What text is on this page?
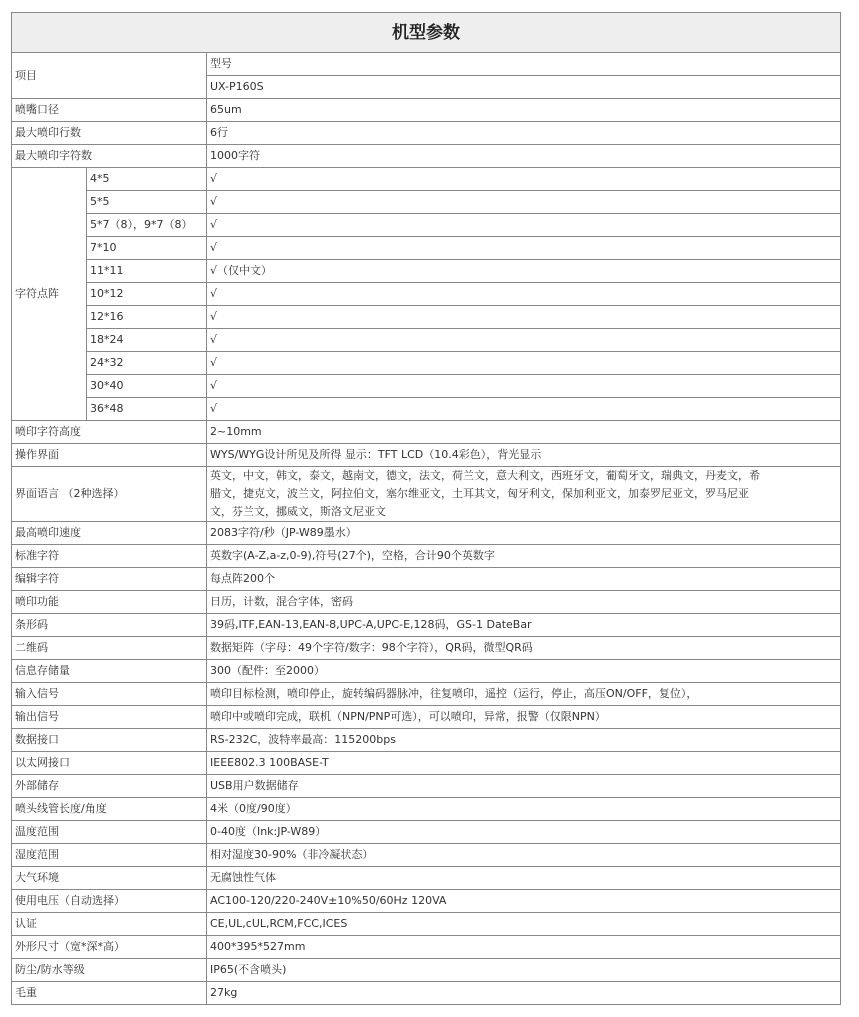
机型参数		
项目		型号
		UX-P160S
喷嘴口径		65um
最大喷印行数		6行
最大喷印字符数		1000字符
字符点阵	4*5	√
	5*5	√
	5*7（8），9*7（8）	√
	7*10	√
	11*11	√（仅中文）
	10*12	√
	12*16	√
	18*24	√
	24*32	√
	30*40	√
	36*48	√
喷印字符高度		2~10mm
操作界面		WYS/WYG设计所见及所得 显示：TFT LCD（10.4彩色），背光显示
界面语言 （2种选择）		英文，中文，韩文，泰文，越南文，德文，法文，荷兰文，意大利文，西班牙文，葡萄牙文，瑞典文，丹麦文，希
腊文，捷克文，波兰文，阿拉伯文，塞尔维亚文，土耳其文，匈牙利文，保加利亚文，加泰罗尼亚文，罗马尼亚
文，芬兰文，挪威文，斯洛文尼亚文
最高喷印速度		2083字符/秒（JP-W89墨水）
标准字符		英数字(A-Z,a-z,0-9),符号(27个)，空格，合计90个英数字
编辑字符		每点阵200个
喷印功能		日历，计数，混合字体，密码
条形码		39码,ITF,EAN-13,EAN-8,UPC-A,UPC-E,128码，GS-1 DateBar
二维码		数据矩阵（字母：49个字符/数字：98个字符），QR码，微型QR码
信息存储量		300（配件：至2000）
输入信号		喷印目标检测，喷印停止，旋转编码器脉冲，往复喷印，遥控（运行，停止，高压ON/OFF，复位），
输出信号		喷印中或喷印完成，联机（NPN/PNP可选），可以喷印，异常，报警（仅限NPN）
数据接口		RS-232C，波特率最高：115200bps
以太网接口		IEEE802.3 100BASE-T
外部储存		USB用户数据储存
喷头线管长度/角度		4米（0度/90度）
温度范围		0-40度（Ink:JP-W89）
湿度范围		相对湿度30-90%（非冷凝状态）
大气环境		无腐蚀性气体
使用电压（自动选择）		AC100-120/220-240V±10%50/60Hz 120VA
认证		CE,UL,cUL,RCM,FCC,ICES
外形尺寸（宽*深*高）		400*395*527mm
防尘/防水等级		IP65(不含喷头)
毛重		27kg
